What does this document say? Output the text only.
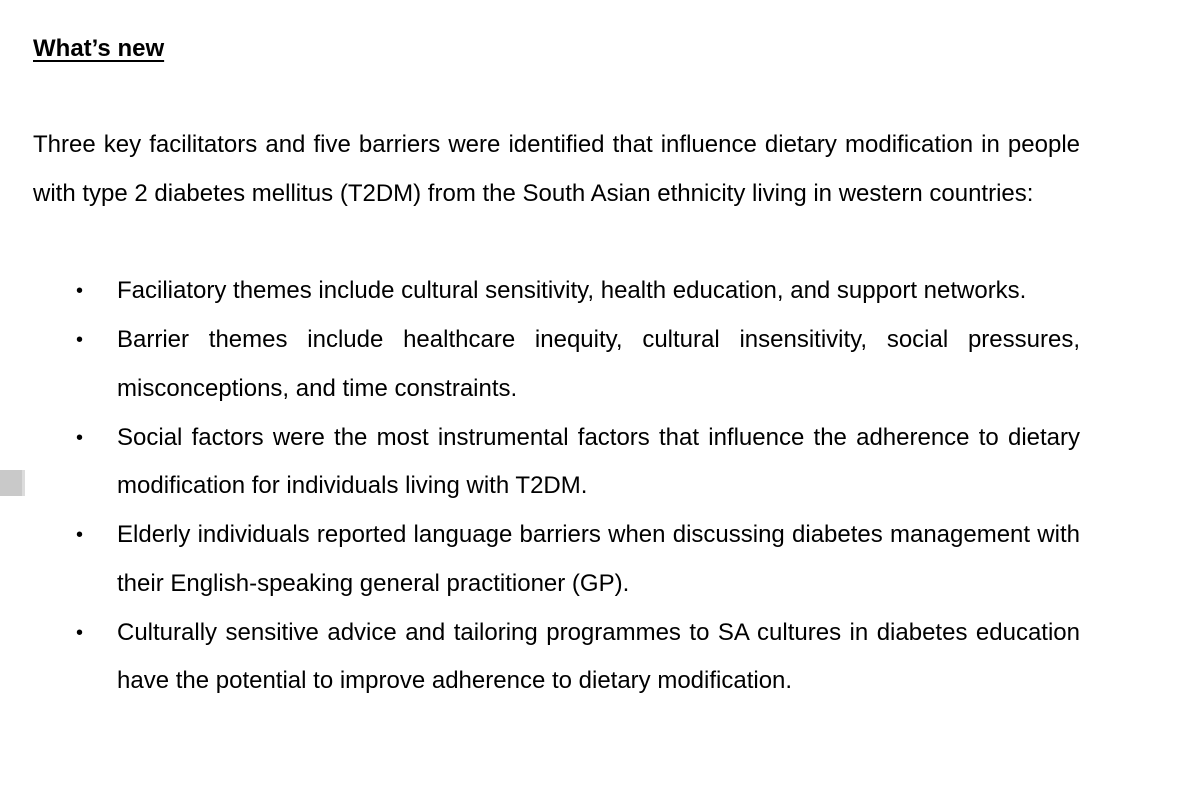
What’s new

Three key facilitators and five barriers were identified that influence dietary modification in people with type 2 diabetes mellitus (T2DM) from the South Asian ethnicity living in western countries:

• Faciliatory themes include cultural sensitivity, health education, and support networks.
• Barrier themes include healthcare inequity, cultural insensitivity, social pressures, misconceptions, and time constraints.
• Social factors were the most instrumental factors that influence the adherence to dietary modification for individuals living with T2DM.
• Elderly individuals reported language barriers when discussing diabetes management with their English-speaking general practitioner (GP).
• Culturally sensitive advice and tailoring programmes to SA cultures in diabetes education have the potential to improve adherence to dietary modification.
